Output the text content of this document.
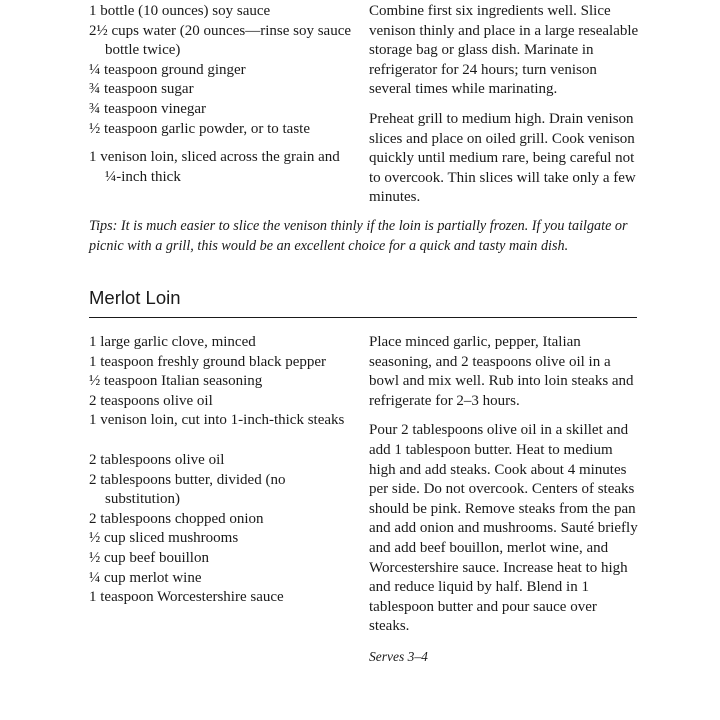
1 bottle (10 ounces) soy sauce

2½ cups water (20 ounces—rinse soy sauce bottle twice)

¼ teaspoon ground ginger

¾ teaspoon sugar

¾ teaspoon vinegar

½ teaspoon garlic powder, or to taste

1 venison loin, sliced across the grain and ¼-inch thick

Combine first six ingredients well. Slice venison thinly and place in a large resealable storage bag or glass dish. Marinate in refrigerator for 24 hours; turn venison several times while marinating.

Preheat grill to medium high. Drain venison slices and place on oiled grill. Cook venison quickly until medium rare, being careful not to overcook. Thin slices will take only a few minutes.

Tips: It is much easier to slice the venison thinly if the loin is partially frozen. If you tailgate or picnic with a grill, this would be an excellent choice for a quick and tasty main dish.

Merlot Loin

1 large garlic clove, minced

1 teaspoon freshly ground black pepper

½ teaspoon Italian seasoning

2 teaspoons olive oil

1 venison loin, cut into 1-inch-thick steaks

2 tablespoons olive oil

2 tablespoons butter, divided (no substitution)

2 tablespoons chopped onion

½ cup sliced mushrooms

½ cup beef bouillon

¼ cup merlot wine

1 teaspoon Worcestershire sauce

Place minced garlic, pepper, Italian seasoning, and 2 teaspoons olive oil in a bowl and mix well. Rub into loin steaks and refrigerate for 2–3 hours.

Pour 2 tablespoons olive oil in a skillet and add 1 tablespoon butter. Heat to medium high and add steaks. Cook about 4 minutes per side. Do not overcook. Centers of steaks should be pink. Remove steaks from the pan and add onion and mushrooms. Sauté briefly and add beef bouillon, merlot wine, and Worcestershire sauce. Increase heat to high and reduce liquid by half. Blend in 1 tablespoon butter and pour sauce over steaks.

Serves 3–4
